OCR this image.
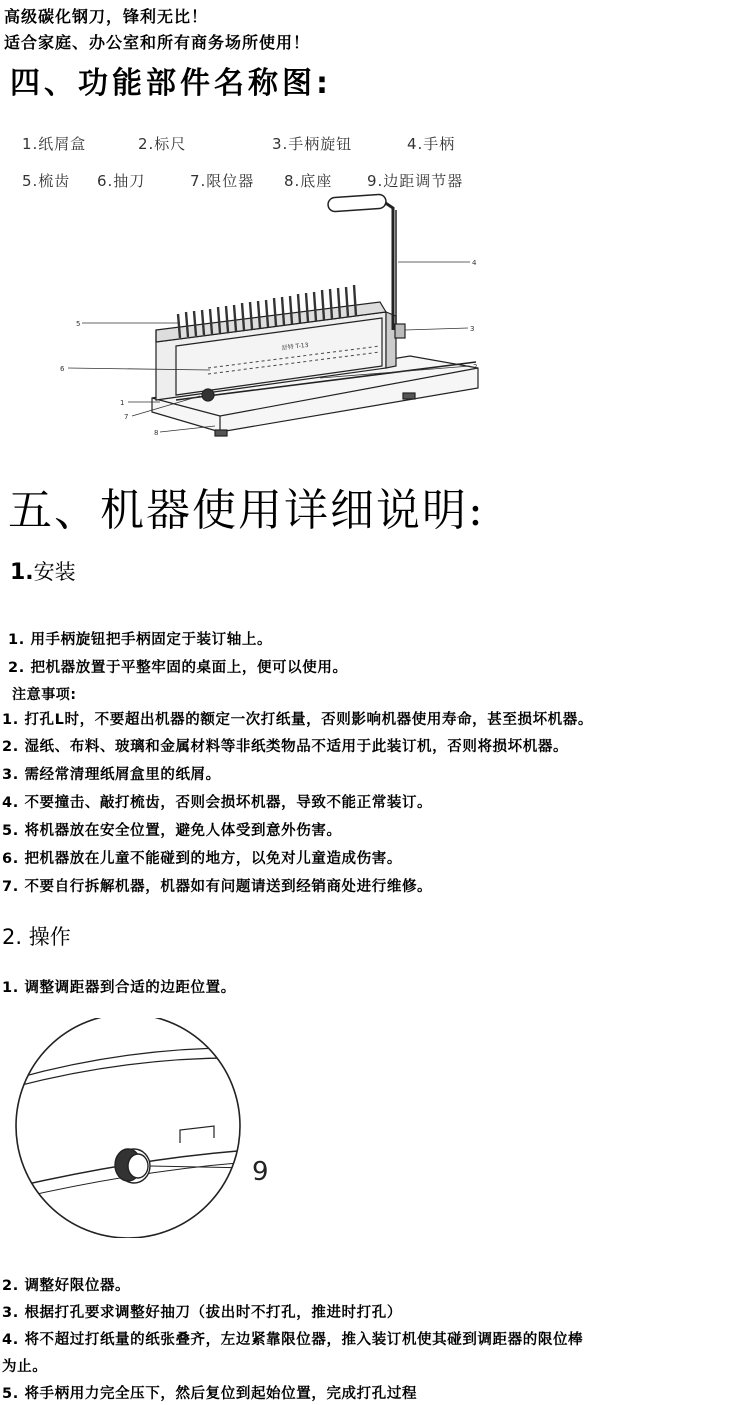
高级碳化钢刀，锋利无比！
适合家庭、办公室和所有商务场所使用！
四、功能部件名称图:
1.纸屑盒	2.标尺	3.手柄旋钮	4.手柄
5.梳齿 6.抽刀	7.限位器 8.底座 9.边距调节器
5
4
3
6	2
1
7
8
舒特 T-13
五、机器使用详细说明:
1.安装
1. 用手柄旋钮把手柄固定于装订轴上。
2. 把机器放置于平整牢固的桌面上，便可以使用。
注意事项:
1. 打孔L时，不要超出机器的额定一次打纸量，否则影响机器使用寿命，甚至损坏机器。
2. 湿纸、布料、玻璃和金属材料等非纸类物品不适用于此装订机，否则将损坏机器。
3. 需经常清理纸屑盒里的纸屑。
4. 不要撞击、敲打梳齿，否则会损坏机器，导致不能正常装订。
5. 将机器放在安全位置，避免人体受到意外伤害。
6. 把机器放在儿童不能碰到的地方，以免对儿童造成伤害。
7. 不要自行拆解机器，机器如有问题请送到经销商处进行维修。
2. 操作
1. 调整调距器到合适的边距位置。
9
2. 调整好限位器。
3. 根据打孔要求调整好抽刀（拔出时不打孔，推进时打孔）
4. 将不超过打纸量的纸张叠齐，左边紧靠限位器，推入装订机使其碰到调距器的限位棒
为止。
5. 将手柄用力完全压下，然后复位到起始位置，完成打孔过程
